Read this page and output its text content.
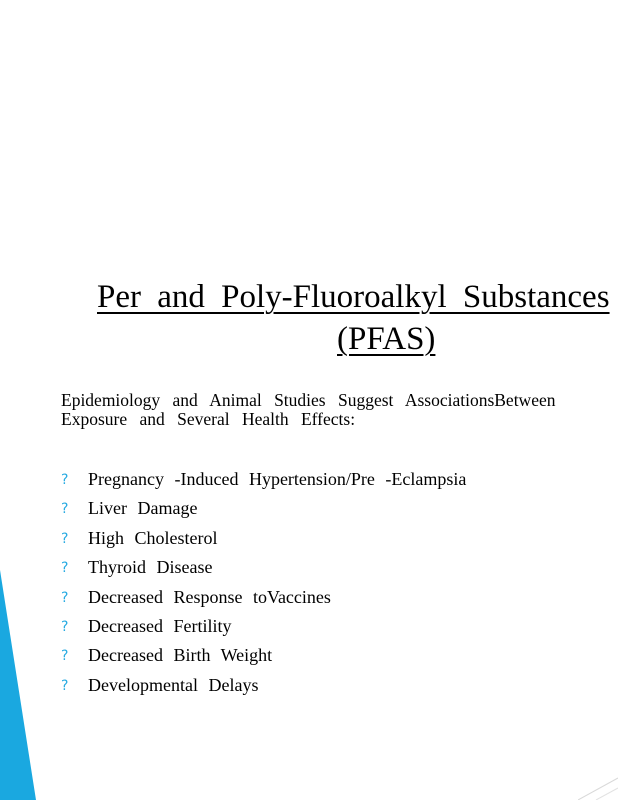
Per and Poly-Fluoroalkyl Substances
(PFAS)

Epidemiology and Animal Studies Suggest AssociationsBetween
Exposure and Several Health Effects:

? Pregnancy -Induced Hypertension/Pre -Eclampsia
? Liver Damage
? High Cholesterol
? Thyroid Disease
? Decreased Response toVaccines
? Decreased Fertility
? Decreased Birth Weight
? Developmental Delays
